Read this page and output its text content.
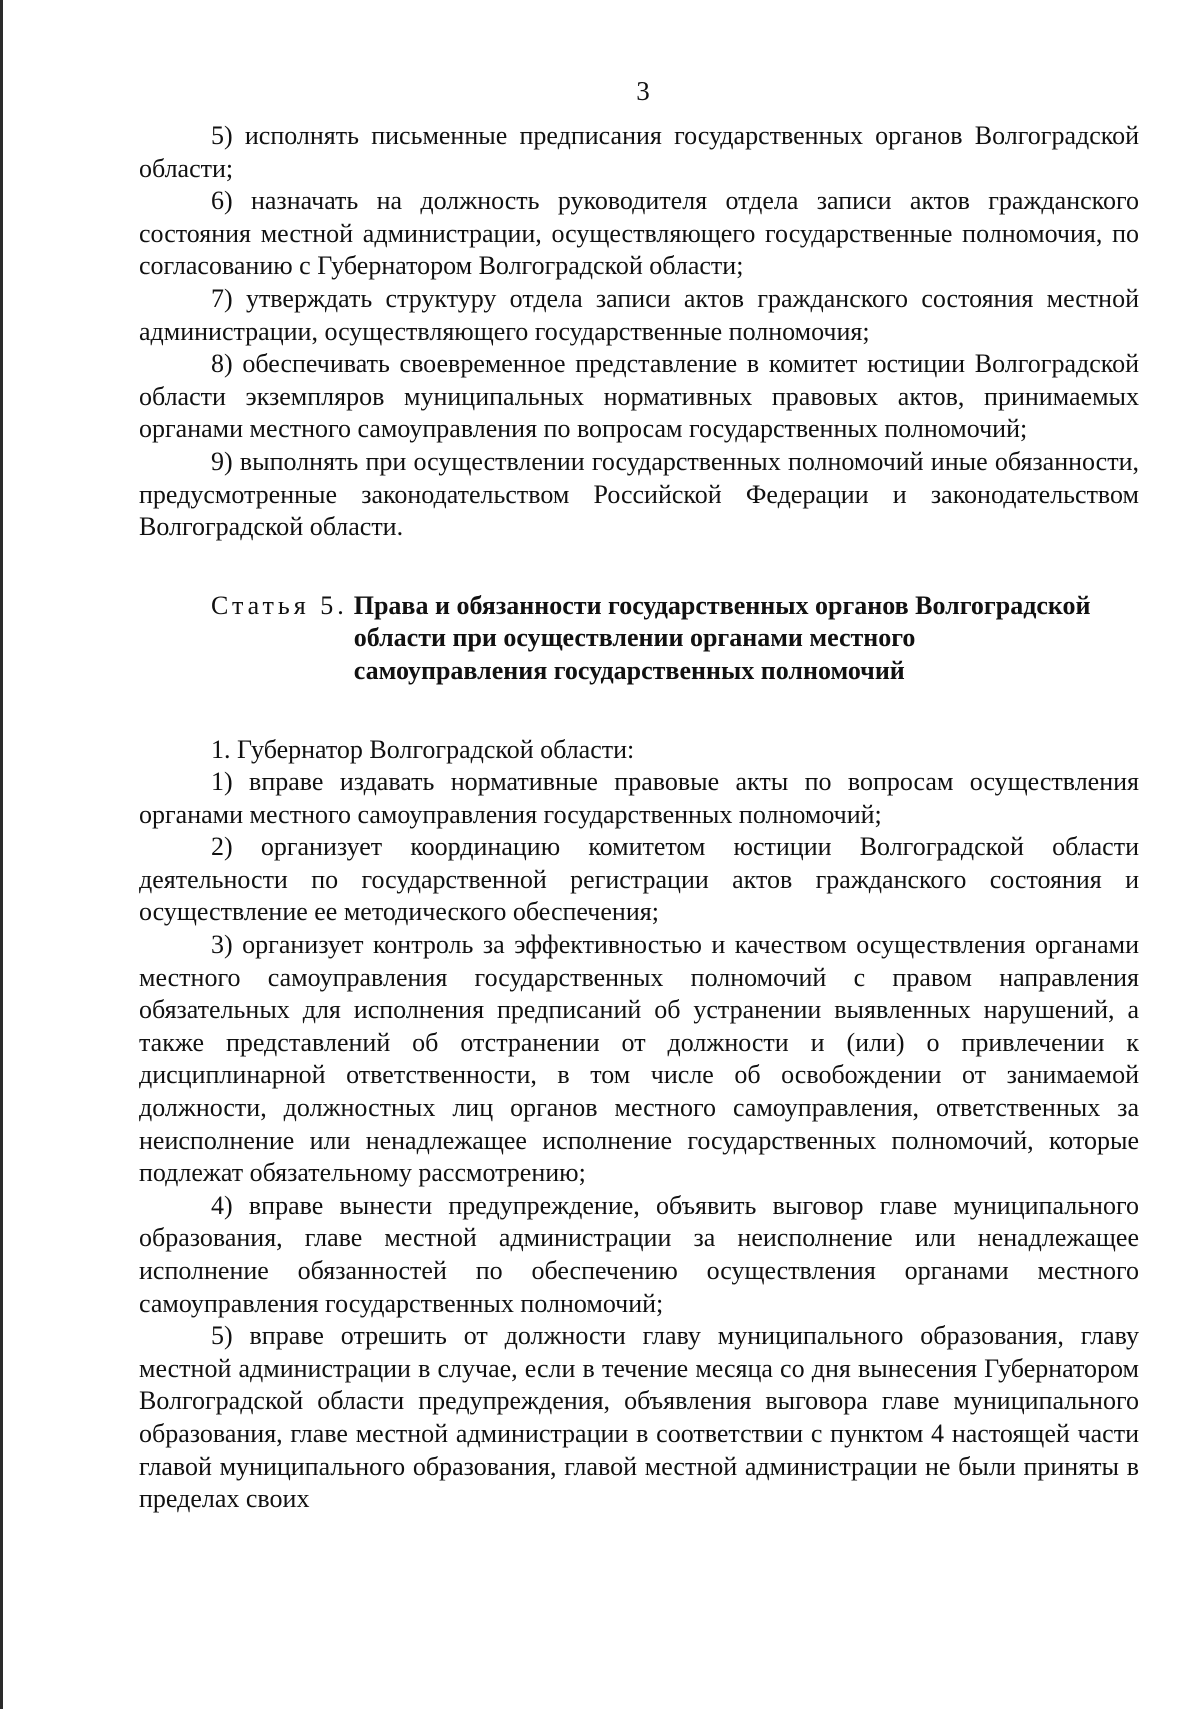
3

5) исполнять письменные предписания государственных органов Волгоградской области;

6) назначать на должность руководителя отдела записи актов гражданского состояния местной администрации, осуществляющего государственные полномочия, по согласованию с Губернатором Волгоградской области;

7) утверждать структуру отдела записи актов гражданского состояния местной администрации, осуществляющего государственные полномочия;

8) обеспечивать своевременное представление в комитет юстиции Волгоградской области экземпляров муниципальных нормативных правовых актов, принимаемых органами местного самоуправления по вопросам государственных полномочий;

9) выполнять при осуществлении государственных полномочий иные обязанности, предусмотренные законодательством Российской Федерации и законодательством Волгоградской области.

Статья 5. Права и обязанности государственных органов Волгоградской области при осуществлении органами местного самоуправления государственных полномочий

1. Губернатор Волгоградской области:

1) вправе издавать нормативные правовые акты по вопросам осуществления органами местного самоуправления государственных полномочий;

2) организует координацию комитетом юстиции Волгоградской области деятельности по государственной регистрации актов гражданского состояния и осуществление ее методического обеспечения;

3) организует контроль за эффективностью и качеством осуществления органами местного самоуправления государственных полномочий с правом направления обязательных для исполнения предписаний об устранении выявленных нарушений, а также представлений об отстранении от должности и (или) о привлечении к дисциплинарной ответственности, в том числе об освобождении от занимаемой должности, должностных лиц органов местного самоуправления, ответственных за неисполнение или ненадлежащее исполнение государственных полномочий, которые подлежат обязательному рассмотрению;

4) вправе вынести предупреждение, объявить выговор главе муниципального образования, главе местной администрации за неисполнение или ненадлежащее исполнение обязанностей по обеспечению осуществления органами местного самоуправления государственных полномочий;

5) вправе отрешить от должности главу муниципального образования, главу местной администрации в случае, если в течение месяца со дня вынесения Губернатором Волгоградской области предупреждения, объявления выговора главе муниципального образования, главе местной администрации в соответствии с пунктом 4 настоящей части главой муниципального образования, главой местной администрации не были приняты в пределах своих
